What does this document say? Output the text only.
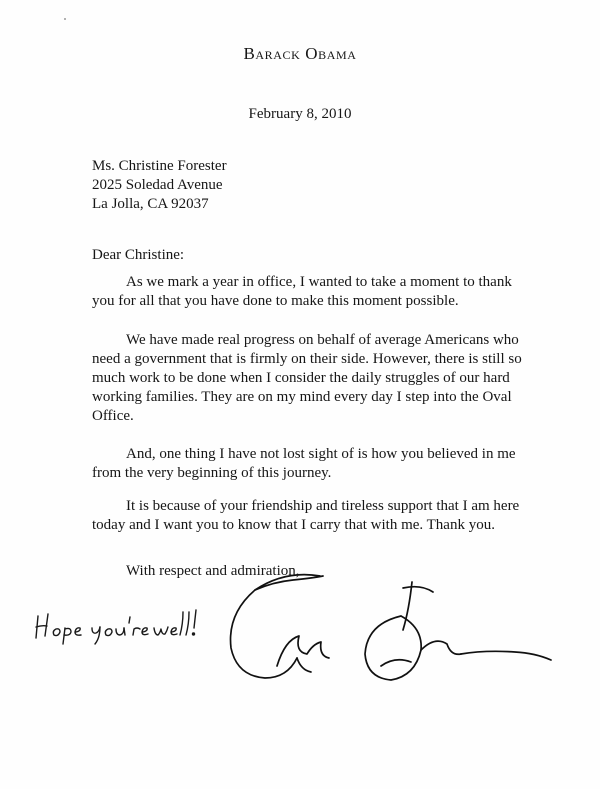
Barack Obama
February 8, 2010
Ms. Christine Forester
2025 Soledad Avenue
La Jolla, CA 92037
Dear Christine:

As we mark a year in office, I wanted to take a moment to thank you for all that you have done to make this moment possible.

We have made real progress on behalf of average Americans who need a government that is firmly on their side. However, there is still so much work to be done when I consider the daily struggles of our hard working families. They are on my mind every day I step into the Oval Office.

And, one thing I have not lost sight of is how you believed in me from the very beginning of this journey.

It is because of your friendship and tireless support that I am here today and I want you to know that I carry that with me. Thank you.

With respect and admiration,
